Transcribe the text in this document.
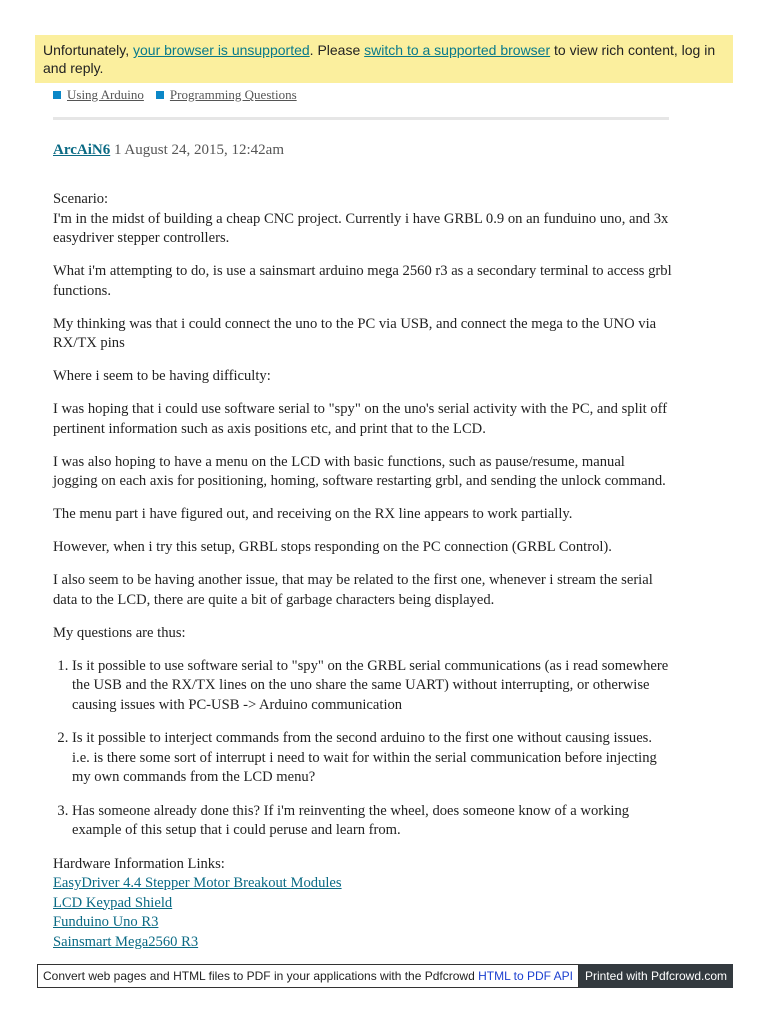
Unfortunately, your browser is unsupported. Please switch to a supported browser to view rich content, log in and reply.
Using Arduino Programming Questions
ArcAiN6 1 August 24, 2015, 12:42am

Scenario:
I'm in the midst of building a cheap CNC project. Currently i have GRBL 0.9 on an funduino uno, and 3x easydriver stepper controllers.

What i'm attempting to do, is use a sainsmart arduino mega 2560 r3 as a secondary terminal to access grbl functions.

My thinking was that i could connect the uno to the PC via USB, and connect the mega to the UNO via RX/TX pins

Where i seem to be having difficulty:

I was hoping that i could use software serial to "spy" on the uno's serial activity with the PC, and split off pertinent information such as axis positions etc, and print that to the LCD.

I was also hoping to have a menu on the LCD with basic functions, such as pause/resume, manual jogging on each axis for positioning, homing, software restarting grbl, and sending the unlock command.

The menu part i have figured out, and receiving on the RX line appears to work partially.

However, when i try this setup, GRBL stops responding on the PC connection (GRBL Control).

I also seem to be having another issue, that may be related to the first one, whenever i stream the serial data to the LCD, there are quite a bit of garbage characters being displayed.

My questions are thus:

1. Is it possible to use software serial to "spy" on the GRBL serial communications (as i read somewhere the USB and the RX/TX lines on the uno share the same UART) without interrupting, or otherwise causing issues with PC-USB -> Arduino communication
2. Is it possible to interject commands from the second arduino to the first one without causing issues. i.e. is there some sort of interrupt i need to wait for within the serial communication before injecting my own commands from the LCD menu?
3. Has someone already done this? If i'm reinventing the wheel, does someone know of a working example of this setup that i could peruse and learn from.

Hardware Information Links:

EasyDriver 4.4 Stepper Motor Breakout Modules

LCD Keypad Shield

Funduino Uno R3

Sainsmart Mega2560 R3

Convert web pages and HTML files to PDF in your applications with the Pdfcrowd HTML to PDF API Printed with Pdfcrowd.com
